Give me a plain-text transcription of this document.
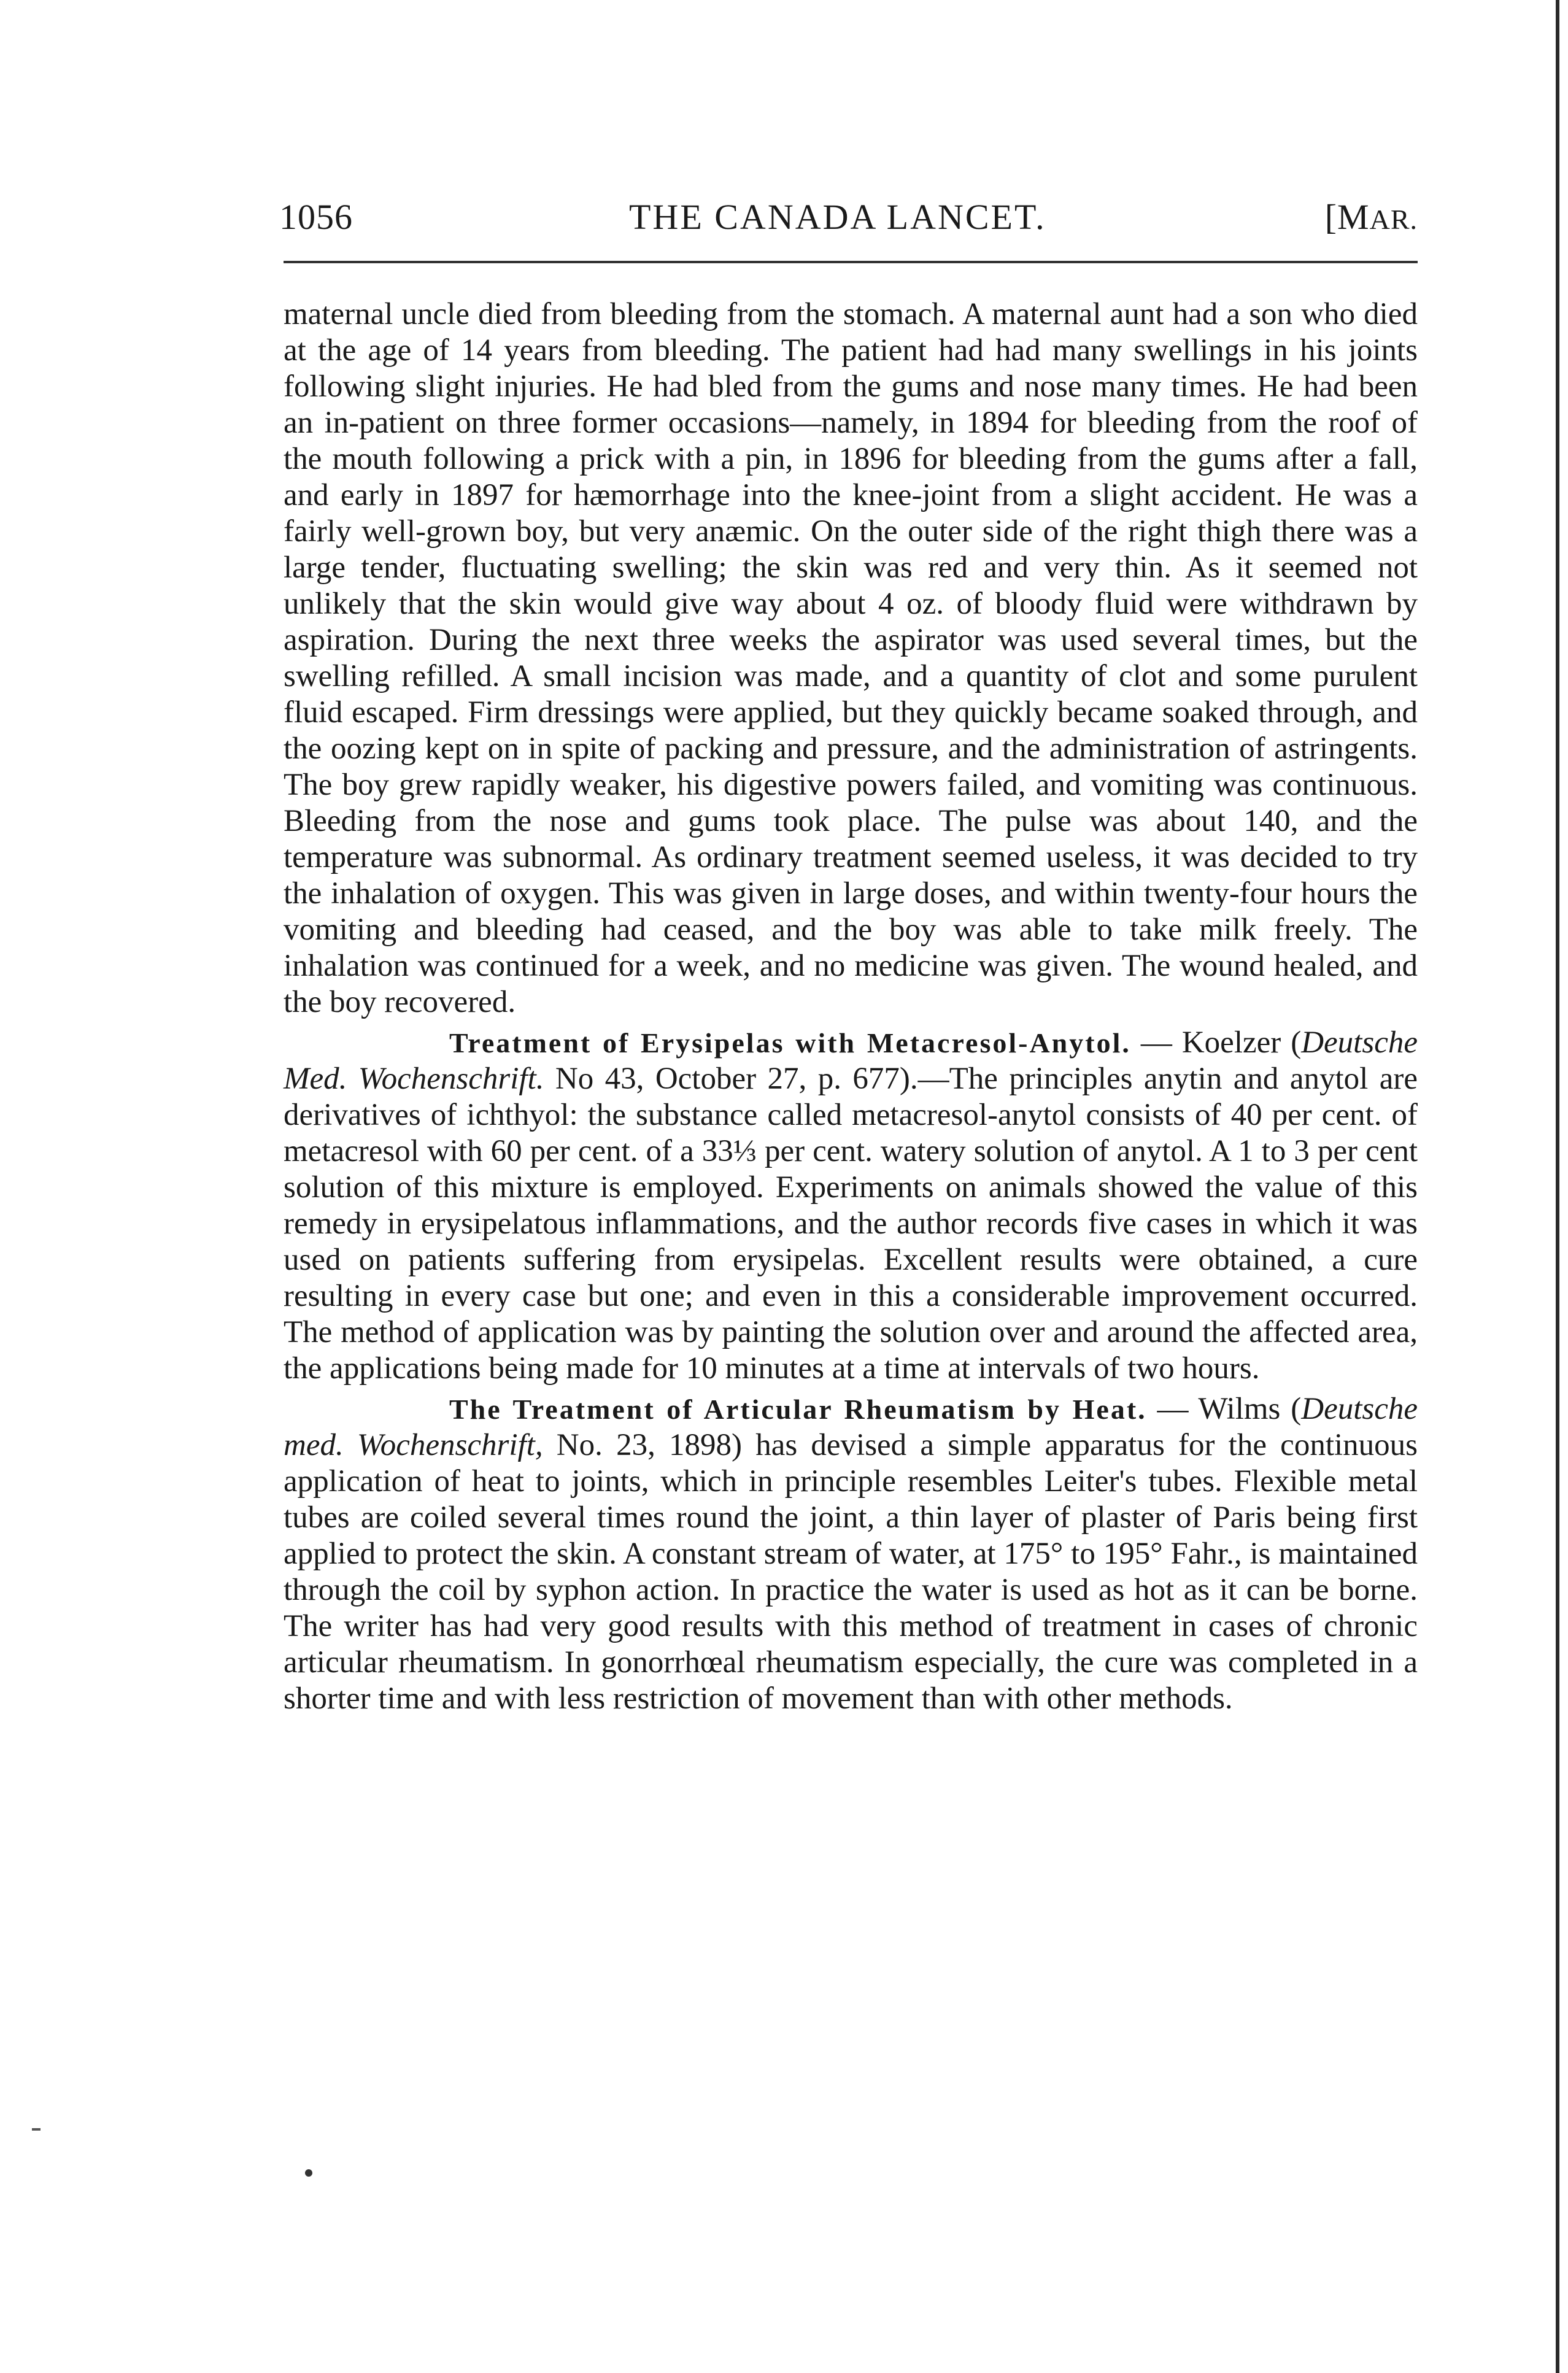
1056	THE CANADA LANCET.	[MAR.

maternal uncle died from bleeding from the stomach. A maternal aunt had a son who died at the age of 14 years from bleeding. The patient had had many swellings in his joints following slight injuries. He had bled from the gums and nose many times. He had been an in-patient on three former occasions—namely, in 1894 for bleeding from the roof of the mouth following a prick with a pin, in 1896 for bleeding from the gums after a fall, and early in 1897 for hæmorrhage into the knee-joint from a slight accident. He was a fairly well-grown boy, but very anæmic. On the outer side of the right thigh there was a large tender, fluctuating swelling; the skin was red and very thin. As it seemed not unlikely that the skin would give way about 4 oz. of bloody fluid were withdrawn by aspiration. During the next three weeks the aspirator was used several times, but the swelling refilled. A small incision was made, and a quantity of clot and some purulent fluid escaped. Firm dressings were applied, but they quickly became soaked through, and the oozing kept on in spite of packing and pressure, and the administration of astringents. The boy grew rapidly weaker, his digestive powers failed, and vomiting was continuous. Bleeding from the nose and gums took place. The pulse was about 140, and the temperature was subnormal. As ordinary treatment seemed useless, it was decided to try the inhalation of oxygen. This was given in large doses, and within twenty-four hours the vomiting and bleeding had ceased, and the boy was able to take milk freely. The inhalation was continued for a week, and no medicine was given. The wound healed, and the boy recovered.

Treatment of Erysipelas with Metacresol-Anytol. — Koelzer (Deutsche Med. Wochenschrift. No 43, October 27, p. 677).—The principles anytin and anytol are derivatives of ichthyol: the substance called metacresol-anytol consists of 40 per cent. of metacresol with 60 per cent. of a 33⅓ per cent. watery solution of anytol. A 1 to 3 per cent solution of this mixture is employed. Experiments on animals showed the value of this remedy in erysipelatous inflammations, and the author records five cases in which it was used on patients suffering from erysipelas. Excellent results were obtained, a cure resulting in every case but one; and even in this a considerable improvement occurred. The method of application was by painting the solution over and around the affected area, the applications being made for 10 minutes at a time at intervals of two hours.

The Treatment of Articular Rheumatism by Heat. — Wilms (Deutsche med. Wochenschrift, No. 23, 1898) has devised a simple apparatus for the continuous application of heat to joints, which in principle resembles Leiter's tubes. Flexible metal tubes are coiled several times round the joint, a thin layer of plaster of Paris being first applied to protect the skin. A constant stream of water, at 175° to 195° Fahr., is maintained through the coil by syphon action. In practice the water is used as hot as it can be borne. The writer has had very good results with this method of treatment in cases of chronic articular rheumatism. In gonorrhœal rheumatism especially, the cure was completed in a shorter time and with less restriction of movement than with other methods.
